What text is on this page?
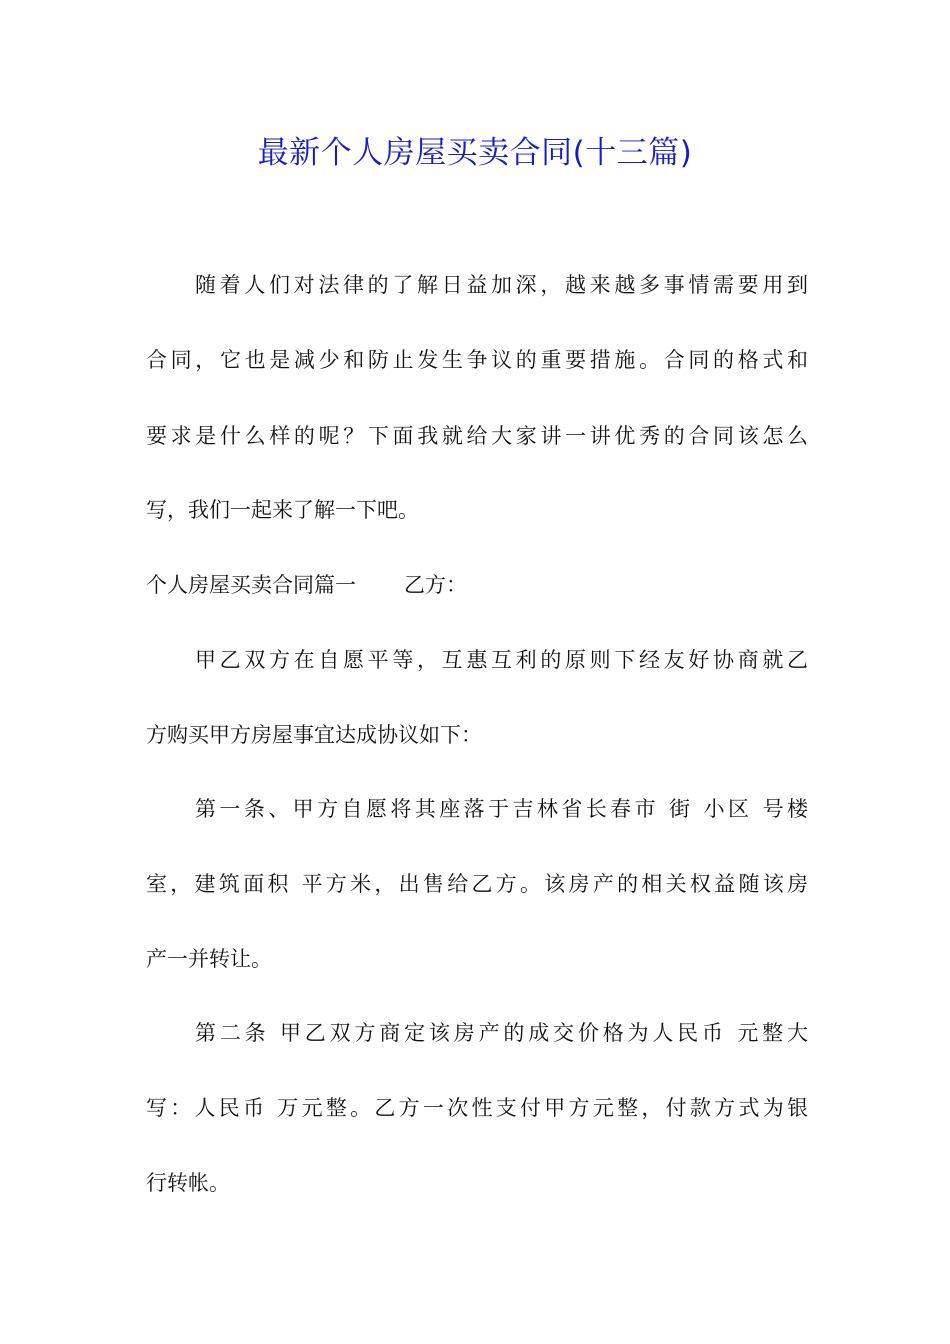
最新个人房屋买卖合同(十三篇)
随着人们对法律的了解日益加深，越来越多事情需要用到
合同，它也是减少和防止发生争议的重要措施。合同的格式和
要求是什么样的呢？下面我就给大家讲一讲优秀的合同该怎么
写，我们一起来了解一下吧。
个人房屋买卖合同篇一 乙方：
甲乙双方在自愿平等，互惠互利的原则下经友好协商就乙
方购买甲方房屋事宜达成协议如下：
第一条、甲方自愿将其座落于吉林省长春市 街 小区 号楼
室，建筑面积 平方米，出售给乙方。该房产的相关权益随该房
产一并转让。
第二条 甲乙双方商定该房产的成交价格为人民币 元整大
写：人民币 万元整。乙方一次性支付甲方元整，付款方式为银
行转帐。
